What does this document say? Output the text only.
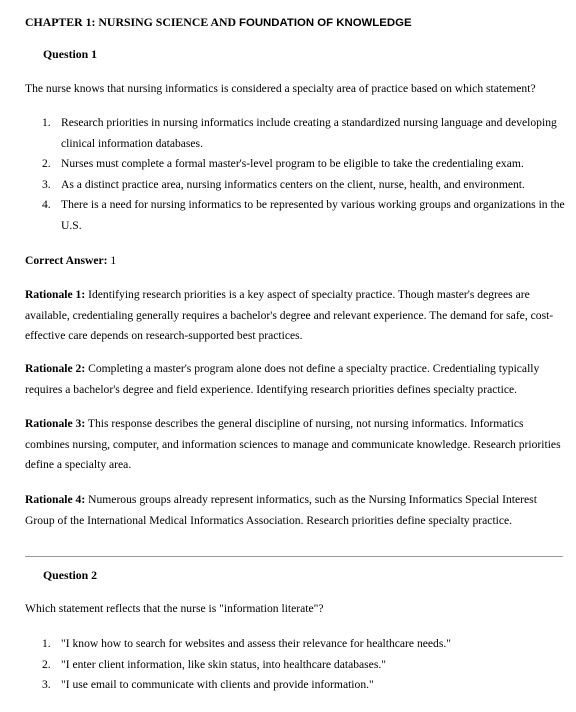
CHAPTER 1: NURSING SCIENCE AND FOUNDATION OF KNOWLEDGE
Question 1
The nurse knows that nursing informatics is considered a specialty area of practice based on which statement?
1. Research priorities in nursing informatics include creating a standardized nursing language and developing clinical information databases.
2. Nurses must complete a formal master's-level program to be eligible to take the credentialing exam.
3. As a distinct practice area, nursing informatics centers on the client, nurse, health, and environment.
4. There is a need for nursing informatics to be represented by various working groups and organizations in the U.S.
Correct Answer: 1
Rationale 1: Identifying research priorities is a key aspect of specialty practice. Though master's degrees are available, credentialing generally requires a bachelor's degree and relevant experience. The demand for safe, cost-effective care depends on research-supported best practices.
Rationale 2: Completing a master's program alone does not define a specialty practice. Credentialing typically requires a bachelor's degree and field experience. Identifying research priorities defines specialty practice.
Rationale 3: This response describes the general discipline of nursing, not nursing informatics. Informatics combines nursing, computer, and information sciences to manage and communicate knowledge. Research priorities define a specialty area.
Rationale 4: Numerous groups already represent informatics, such as the Nursing Informatics Special Interest Group of the International Medical Informatics Association. Research priorities define specialty practice.
Question 2
Which statement reflects that the nurse is "information literate"?
1. "I know how to search for websites and assess their relevance for healthcare needs."
2. "I enter client information, like skin status, into healthcare databases."
3. "I use email to communicate with clients and provide information."
